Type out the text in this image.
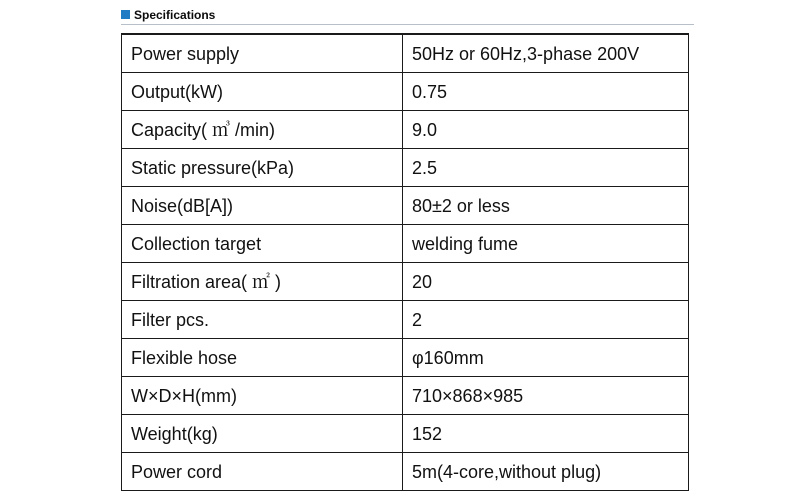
Specifications
Power supply	50Hz or 60Hz,3-phase 200V
Output(kW)	0.75
Capacity( ㎥ /min)	9.0
Static pressure(kPa)	2.5
Noise(dB[A])	80±2 or less
Collection target	welding fume
Filtration area( ㎡ )	20
Filter pcs.	2
Flexible hose	φ160mm
W×D×H(mm)	710×868×985
Weight(kg)	152
Power cord	5m(4-core,without plug)
